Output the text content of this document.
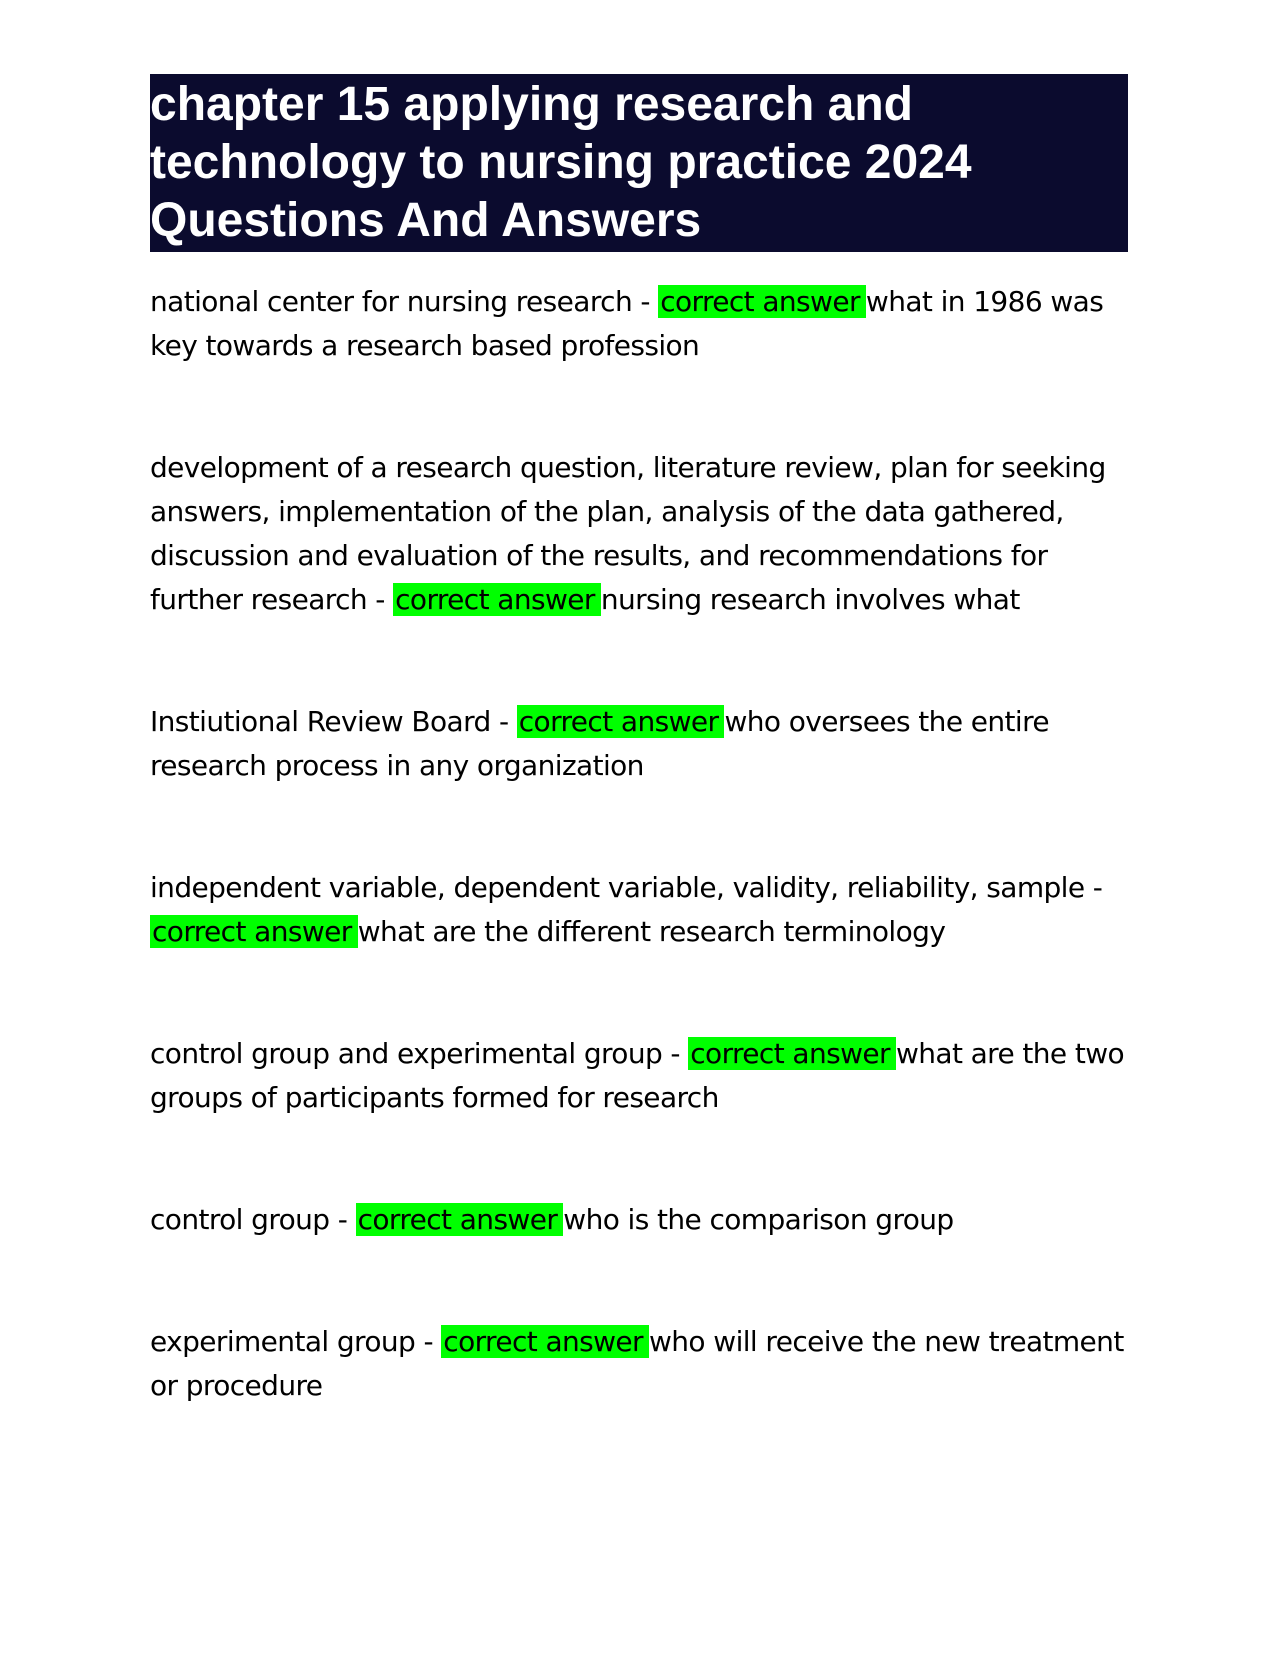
chapter 15 applying research and technology to nursing practice 2024 Questions And Answers

national center for nursing research - correct answer what in 1986 was key towards a research based profession

development of a research question, literature review, plan for seeking answers, implementation of the plan, analysis of the data gathered, discussion and evaluation of the results, and recommendations for further research - correct answer nursing research involves what

Instiutional Review Board - correct answer who oversees the entire research process in any organization

independent variable, dependent variable, validity, reliability, sample - correct answer what are the different research terminology

control group and experimental group - correct answer what are the two groups of participants formed for research

control group - correct answer who is the comparison group

experimental group - correct answer who will receive the new treatment or procedure
